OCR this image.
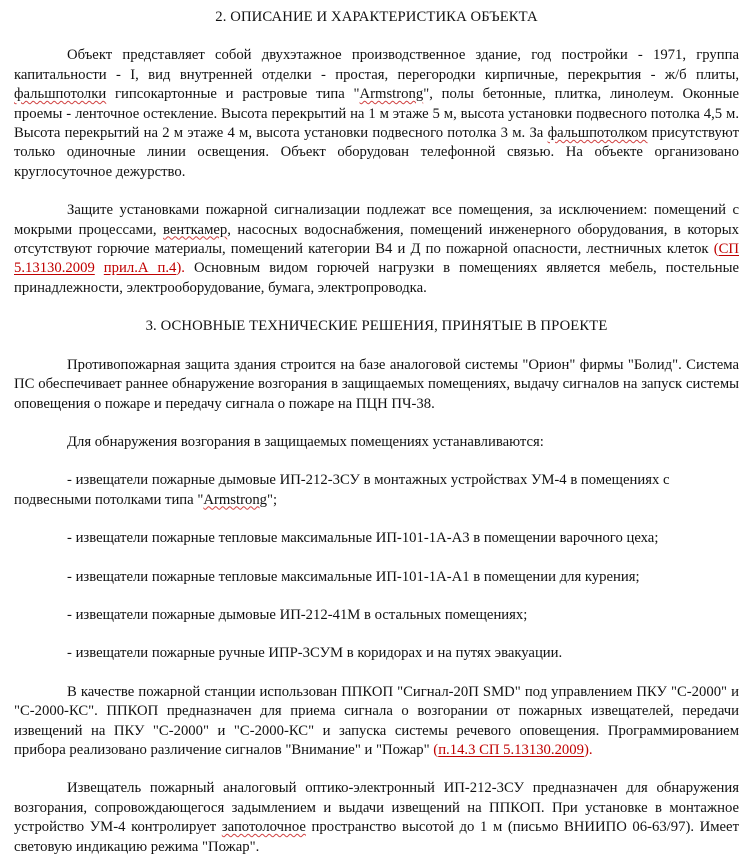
2. ОПИСАНИЕ И ХАРАКТЕРИСТИКА ОБЪЕКТА

Объект представляет собой двухэтажное производственное здание, год постройки - 1971, группа капитальности - I, вид внутренней отделки - простая, перегородки кирпичные, перекрытия - ж/б плиты, фальшпотолки гипсокартонные и растровые типа "Armstrong", полы бетонные, плитка, линолеум. Оконные проемы - ленточное остекление. Высота перекрытий на 1 м этаже 5 м, высота установки подвесного потолка 4,5 м. Высота перекрытий на 2 м этаже 4 м, высота установки подвесного потолка 3 м. За фальшпотолком присутствуют только одиночные линии освещения. Объект оборудован телефонной связью. На объекте организовано круглосуточное дежурство.

Защите установками пожарной сигнализации подлежат все помещения, за исключением: помещений с мокрыми процессами, венткамер, насосных водоснабжения, помещений инженерного оборудования, в которых отсутствуют горючие материалы, помещений категории В4 и Д по пожарной опасности, лестничных клеток (СП 5.13130.2009 прил.А п.4). Основным видом горючей нагрузки в помещениях является мебель, постельные принадлежности, электрооборудование, бумага, электропроводка.

3. ОСНОВНЫЕ ТЕХНИЧЕСКИЕ РЕШЕНИЯ, ПРИНЯТЫЕ В ПРОЕКТЕ

Противопожарная защита здания строится на базе аналоговой системы "Орион" фирмы "Болид". Система ПС обеспечивает раннее обнаружение возгорания в защищаемых помещениях, выдачу сигналов на запуск системы оповещения о пожаре и передачу сигнала о пожаре на ПЦН ПЧ-38.

Для обнаружения возгорания в защищаемых помещениях устанавливаются:

- извещатели пожарные дымовые ИП-212-3СУ в монтажных устройствах УМ-4 в помещениях с подвесными потолками типа "Armstrong";

- извещатели пожарные тепловые максимальные ИП-101-1А-А3 в помещении варочного цеха;

- извещатели пожарные тепловые максимальные ИП-101-1А-А1 в помещении для курения;

- извещатели пожарные дымовые ИП-212-41М в остальных помещениях;

- извещатели пожарные ручные ИПР-3СУМ в коридорах и на путях эвакуации.

В качестве пожарной станции использован ППКОП "Сигнал-20П SMD" под управлением ПКУ "С-2000" и "С-2000-КС". ППКОП предназначен для приема сигнала о возгорании от пожарных извещателей, передачи извещений на ПКУ "С-2000" и "С-2000-КС" и запуска системы речевого оповещения. Программированием прибора реализовано различение сигналов "Внимание" и "Пожар" (п.14.3 СП 5.13130.2009).

Извещатель пожарный аналоговый оптико-электронный ИП-212-3СУ предназначен для обнаружения возгорания, сопровождающегося задымлением и выдачи извещений на ППКОП. При установке в монтажное устройство УМ-4 контролирует запотолочное пространство высотой до 1 м (письмо ВНИИПО 06-63/97). Имеет световую индикацию режима "Пожар".
